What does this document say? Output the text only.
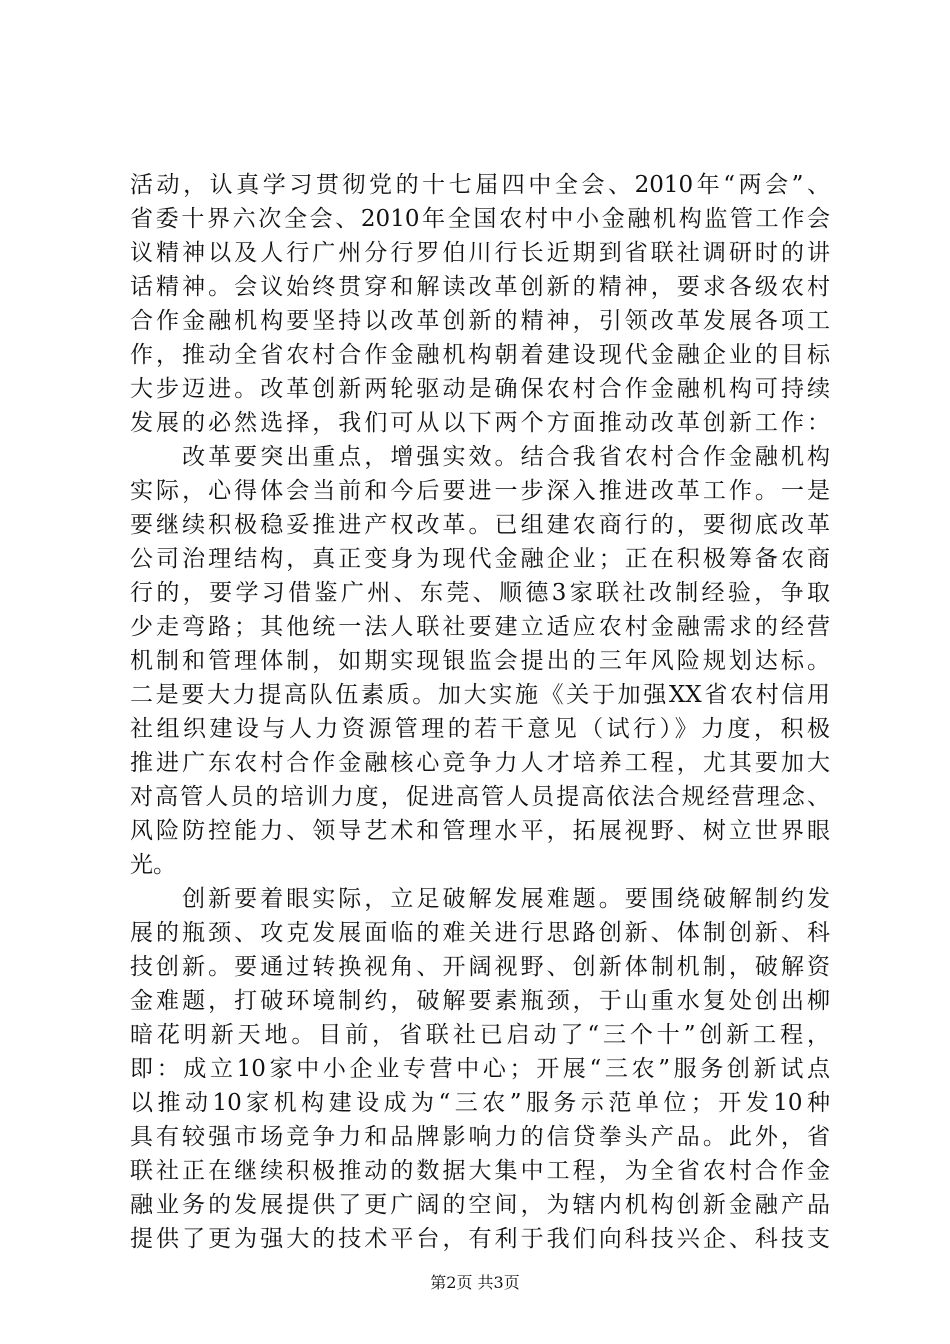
活动，认真学习贯彻党的十七届四中全会、2010年“两会”、
省委十界六次全会、2010年全国农村中小金融机构监管工作会
议精神以及人行广州分行罗伯川行长近期到省联社调研时的讲
话精神。会议始终贯穿和解读改革创新的精神，要求各级农村
合作金融机构要坚持以改革创新的精神，引领改革发展各项工
作，推动全省农村合作金融机构朝着建设现代金融企业的目标
大步迈进。改革创新两轮驱动是确保农村合作金融机构可持续
发展的必然选择，我们可从以下两个方面推动改革创新工作：
　　改革要突出重点，增强实效。结合我省农村合作金融机构
实际，心得体会当前和今后要进一步深入推进改革工作。一是
要继续积极稳妥推进产权改革。已组建农商行的，要彻底改革
公司治理结构，真正变身为现代金融企业；正在积极筹备农商
行的，要学习借鉴广州、东莞、顺德3家联社改制经验，争取
少走弯路；其他统一法人联社要建立适应农村金融需求的经营
机制和管理体制，如期实现银监会提出的三年风险规划达标。
二是要大力提高队伍素质。加大实施《关于加强XX省农村信用
社组织建设与人力资源管理的若干意见（试行）》力度，积极
推进广东农村合作金融核心竞争力人才培养工程，尤其要加大
对高管人员的培训力度，促进高管人员提高依法合规经营理念、
风险防控能力、领导艺术和管理水平，拓展视野、树立世界眼
光。
　　创新要着眼实际，立足破解发展难题。要围绕破解制约发
展的瓶颈、攻克发展面临的难关进行思路创新、体制创新、科
技创新。要通过转换视角、开阔视野、创新体制机制，破解资
金难题，打破环境制约，破解要素瓶颈，于山重水复处创出柳
暗花明新天地。目前，省联社已启动了“三个十”创新工程，
即：成立10家中小企业专营中心；开展“三农”服务创新试点
以推动10家机构建设成为“三农”服务示范单位；开发10种
具有较强市场竞争力和品牌影响力的信贷拳头产品。此外，省
联社正在继续积极推动的数据大集中工程，为全省农村合作金
融业务的发展提供了更广阔的空间，为辖内机构创新金融产品
提供了更为强大的技术平台，有利于我们向科技兴企、科技支
第2页 共3页
